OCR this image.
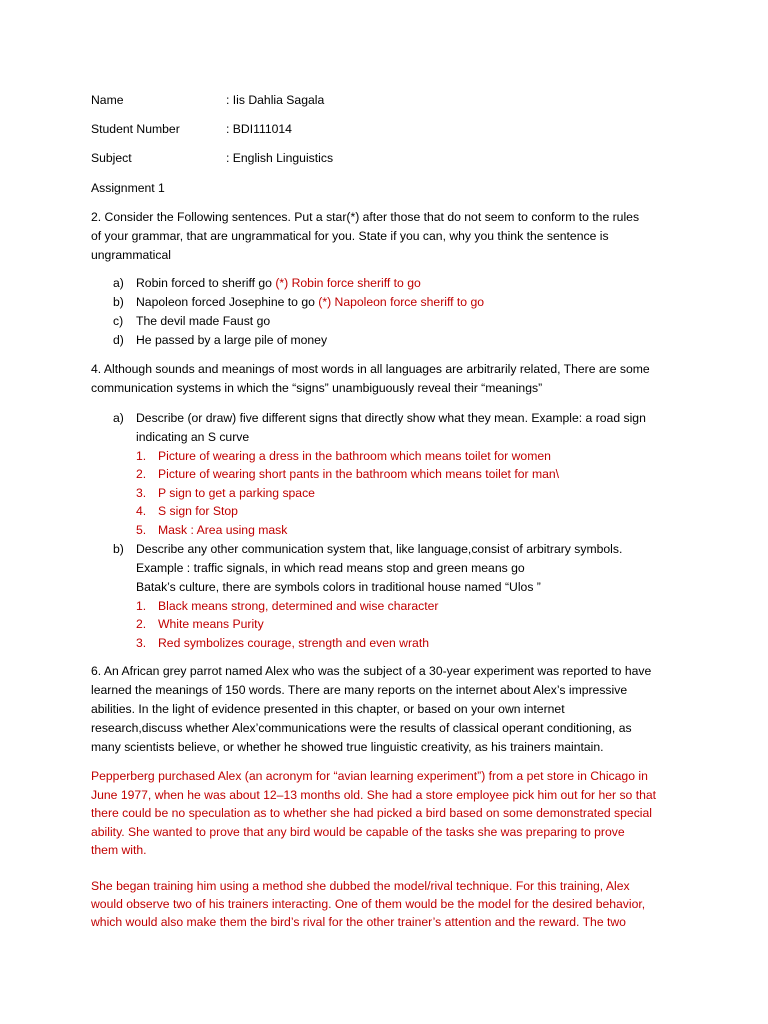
Name	: Iis Dahlia Sagala
Student Number	: BDI111014
Subject	: English Linguistics
Assignment 1
2. Consider the Following sentences. Put a star(*) after those that do not seem to conform to the rules
of your grammar, that are ungrammatical for you. State if you can, why you think the sentence is
ungrammatical
a) Robin forced to sheriff go (*) Robin force sheriff to go
b) Napoleon forced Josephine to go (*) Napoleon force sheriff to go
c) The devil made Faust go
d) He passed by a large pile of money
4. Although sounds and meanings of most words in all languages are arbitrarily related, There are some
communication systems in which the “signs” unambiguously reveal their “meanings”
a) Describe (or draw) five different signs that directly show what they mean. Example: a road sign
indicating an S curve
1. Picture of wearing a dress in the bathroom which means toilet for women
2. Picture of wearing short pants in the bathroom which means toilet for man\
3. P sign to get a parking space
4. S sign for Stop
5. Mask : Area using mask
b) Describe any other communication system that, like language,consist of arbitrary symbols.
Example : traffic signals, in which read means stop and green means go
Batak’s culture, there are symbols colors in traditional house named “Ulos ”
1. Black means strong, determined and wise character
2. White means Purity
3. Red symbolizes courage, strength and even wrath
6. An African grey parrot named Alex who was the subject of a 30-year experiment was reported to have
learned the meanings of 150 words. There are many reports on the internet about Alex’s impressive
abilities. In the light of evidence presented in this chapter, or based on your own internet
research,discuss whether Alex’communications were the results of classical operant conditioning, as
many scientists believe, or whether he showed true linguistic creativity, as his trainers maintain.
Pepperberg purchased Alex (an acronym for “avian learning experiment”) from a pet store in Chicago in
June 1977, when he was about 12–13 months old. She had a store employee pick him out for her so that
there could be no speculation as to whether she had picked a bird based on some demonstrated special
ability. She wanted to prove that any bird would be capable of the tasks she was preparing to prove
them with.
She began training him using a method she dubbed the model/rival technique. For this training, Alex
would observe two of his trainers interacting. One of them would be the model for the desired behavior,
which would also make them the bird’s rival for the other trainer’s attention and the reward. The two
